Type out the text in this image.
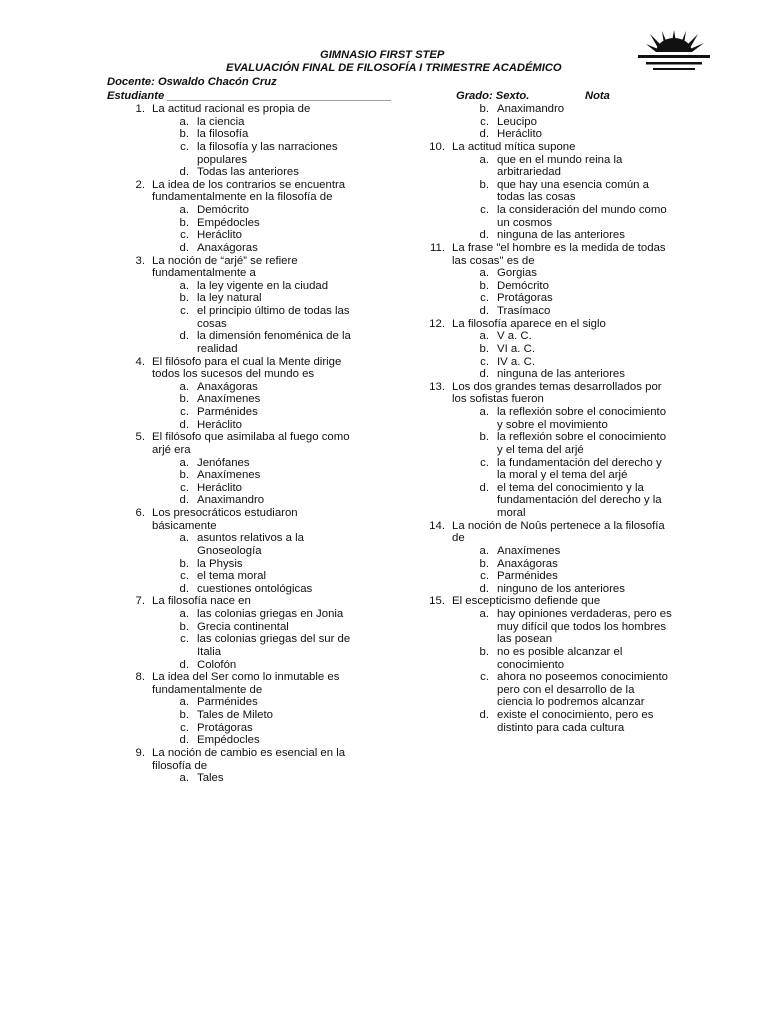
GIMNASIO FIRST STEP
EVALUACIÓN FINAL DE FILOSOFÍA I TRIMESTRE ACADÉMICO
Docente: Oswaldo Chacón Cruz
Estudiante ____________________________________	Grado: Sexto.	Nota
1. La actitud racional es propia de
a. la ciencia
b. la filosofía
c. la filosofía y las narraciones populares
d. Todas las anteriores
2. La idea de los contrarios se encuentra fundamentalmente en la filosofía de
a. Demócrito
b. Empédocles
c. Heráclito
d. Anaxágoras
3. La noción de “arjé” se refiere fundamentalmente a
a. la ley vigente en la ciudad
b. la ley natural
c. el principio último de todas las cosas
d. la dimensión fenoménica de la realidad
4. El filósofo para el cual la Mente dirige todos los sucesos del mundo es
a. Anaxágoras
b. Anaxímenes
c. Parménides
d. Heráclito
5. El filósofo que asimilaba al fuego como arjé era
a. Jenófanes
b. Anaxímenes
c. Heráclito
d. Anaximandro
6. Los presocráticos estudiaron básicamente
a. asuntos relativos a la Gnoseología
b. la Physis
c. el tema moral
d. cuestiones ontológicas
7. La filosofía nace en
a. las colonias griegas en Jonia
b. Grecia continental
c. las colonias griegas del sur de Italia
d. Colofón
8. La idea del Ser como lo inmutable es fundamentalmente de
a. Parménides
b. Tales de Mileto
c. Protágoras
d. Empédocles
9. La noción de cambio es esencial en la filosofía de
a. Tales
b. Anaximandro
c. Leucipo
d. Heráclito
10. La actitud mítica supone
a. que en el mundo reina la arbitrariedad
b. que hay una esencia común a todas las cosas
c. la consideración del mundo como un cosmos
d. ninguna de las anteriores
11. La frase "el hombre es la medida de todas las cosas" es de
a. Gorgias
b. Demócrito
c. Protágoras
d. Trasímaco
12. La filosofía aparece en el siglo
a. V a. C.
b. VI a. C.
c. IV a. C.
d. ninguna de las anteriores
13. Los dos grandes temas desarrollados por los sofistas fueron
a. la reflexión sobre el conocimiento y sobre el movimiento
b. la reflexión sobre el conocimiento y el tema del arjé
c. la fundamentación del derecho y la moral y el tema del arjé
d. el tema del conocimiento y la fundamentación del derecho y la moral
14. La noción de Noûs pertenece a la filosofía de
a. Anaxímenes
b. Anaxágoras
c. Parménides
d. ninguno de los anteriores
15. El escepticismo defiende que
a. hay opiniones verdaderas, pero es muy difícil que todos los hombres las posean
b. no es posible alcanzar el conocimiento
c. ahora no poseemos conocimiento pero con el desarrollo de la ciencia lo podremos alcanzar
d. existe el conocimiento, pero es distinto para cada cultura
